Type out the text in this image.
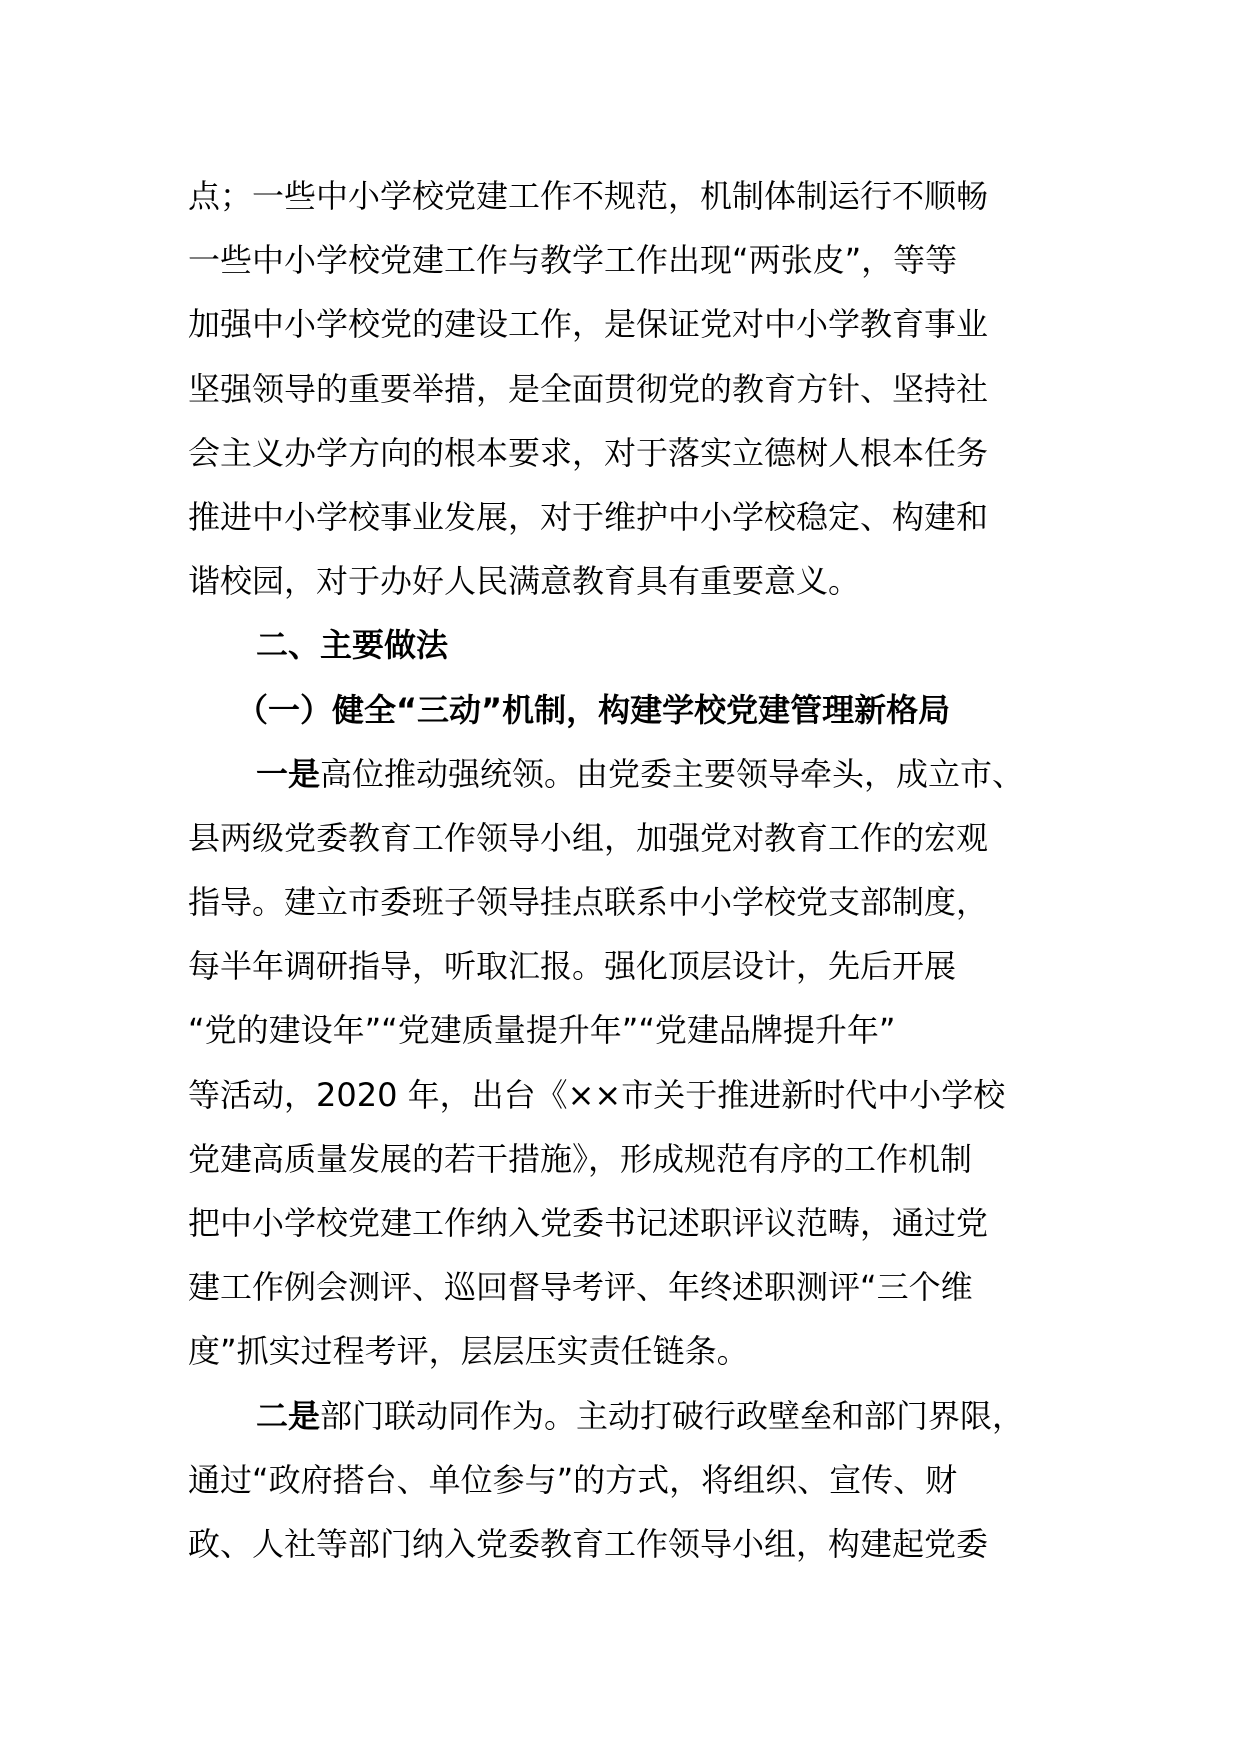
点；一些中小学校党建工作不规范，机制体制运行不顺畅
一些中小学校党建工作与教学工作出现“两张皮”，等等
加强中小学校党的建设工作，是保证党对中小学教育事业
坚强领导的重要举措，是全面贯彻党的教育方针、坚持社
会主义办学方向的根本要求，对于落实立德树人根本任务
推进中小学校事业发展，对于维护中小学校稳定、构建和
谐校园，对于办好人民满意教育具有重要意义。
二、主要做法
（一）健全“三动”机制，构建学校党建管理新格局
一是高位推动强统领。由党委主要领导牵头，成立市、
县两级党委教育工作领导小组，加强党对教育工作的宏观
指导。建立市委班子领导挂点联系中小学校党支部制度，
每半年调研指导，听取汇报。强化顶层设计，先后开展
“党的建设年”“党建质量提升年”“党建品牌提升年”
等活动，2020 年，出台《××市关于推进新时代中小学校
党建高质量发展的若干措施》，形成规范有序的工作机制
把中小学校党建工作纳入党委书记述职评议范畴，通过党
建工作例会测评、巡回督导考评、年终述职测评“三个维
度”抓实过程考评，层层压实责任链条。
二是部门联动同作为。主动打破行政壁垒和部门界限，
通过“政府搭台、单位参与”的方式，将组织、宣传、财
政、人社等部门纳入党委教育工作领导小组，构建起党委
